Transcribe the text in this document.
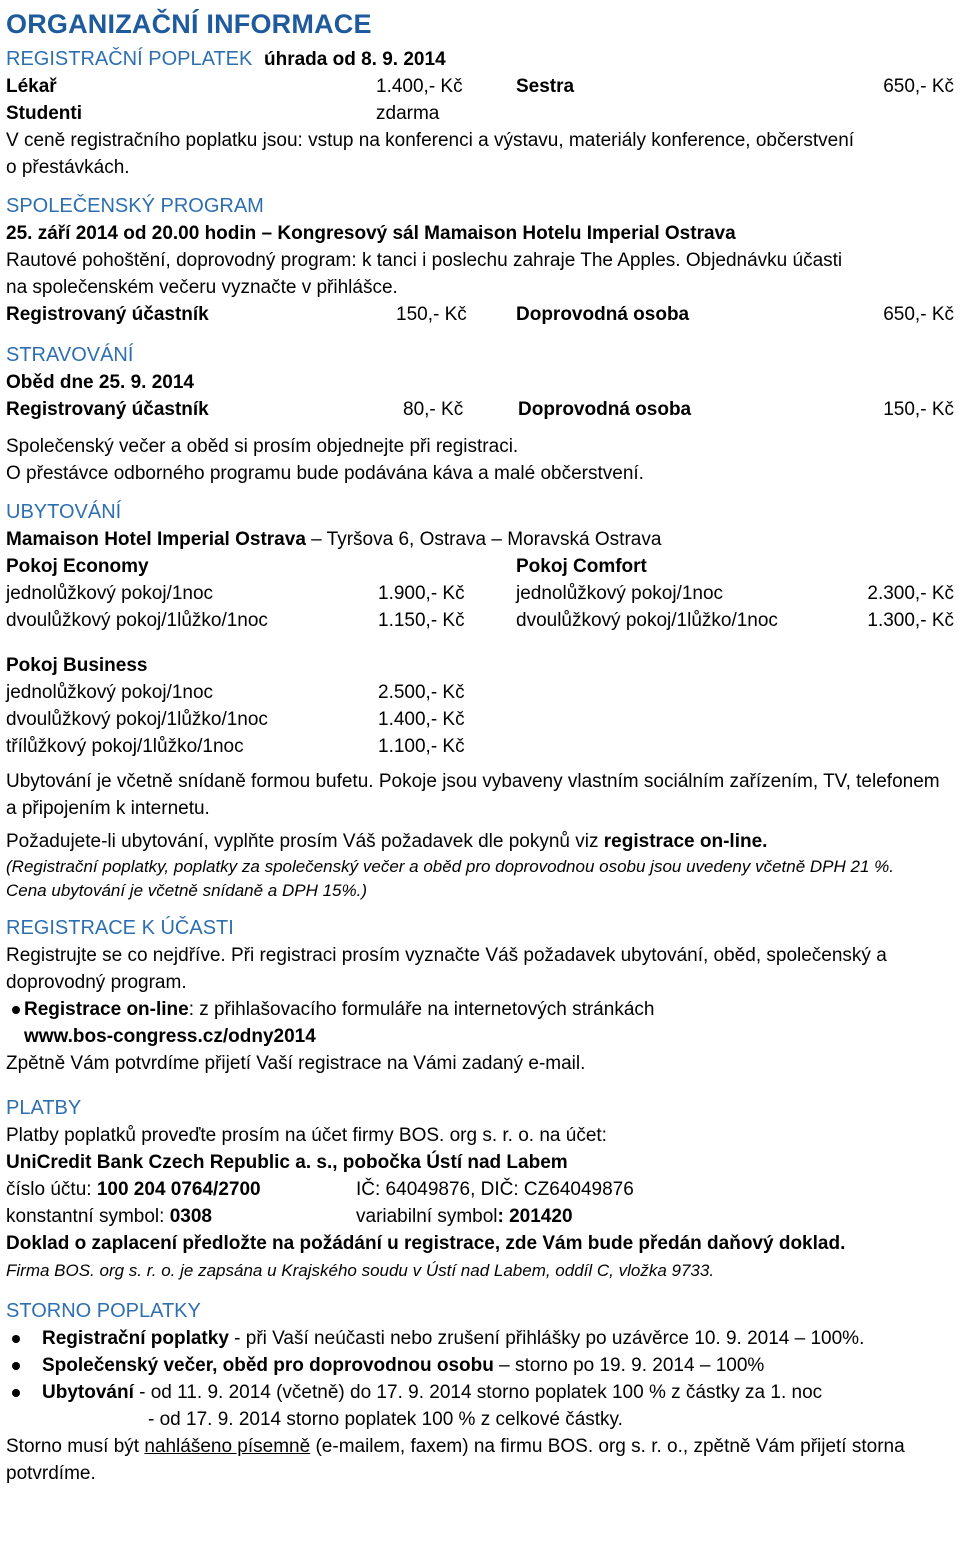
ORGANIZAČNÍ INFORMACE
REGISTRAČNÍ POPLATEK úhrada od 8. 9. 2014
Lékař	1.400,- Kč	Sestra	650,- Kč
Studenti	zdarma
V ceně registračního poplatku jsou: vstup na konferenci a výstavu, materiály konference, občerstvení
o přestávkách.
SPOLEČENSKÝ PROGRAM
25. září 2014 od 20.00 hodin – Kongresový sál Mamaison Hotelu Imperial Ostrava
Rautové pohoštění, doprovodný program: k tanci i poslechu zahraje The Apples. Objednávku účasti
na společenském večeru vyznačte v přihlášce.
Registrovaný účastník	150,- Kč	Doprovodná osoba	650,- Kč
STRAVOVÁNÍ
Oběd dne 25. 9. 2014
Registrovaný účastník	80,- Kč	Doprovodná osoba	150,- Kč
Společenský večer a oběd si prosím objednejte při registraci.
O přestávce odborného programu bude podávána káva a malé občerstvení.
UBYTOVÁNÍ
Mamaison Hotel Imperial Ostrava – Tyršova 6, Ostrava – Moravská Ostrava
Pokoj Economy	Pokoj Comfort
jednolůžkový pokoj/1noc	1.900,- Kč	jednolůžkový pokoj/1noc	2.300,- Kč
dvoulůžkový pokoj/1lůžko/1noc	1.150,- Kč	dvoulůžkový pokoj/1lůžko/1noc	1.300,- Kč
Pokoj Business
jednolůžkový pokoj/1noc	2.500,- Kč
dvoulůžkový pokoj/1lůžko/1noc	1.400,- Kč
třílůžkový pokoj/1lůžko/1noc	1.100,- Kč
Ubytování je včetně snídaně formou bufetu. Pokoje jsou vybaveny vlastním sociálním zařízením, TV, telefonem
a připojením k internetu.
Požadujete-li ubytování, vyplňte prosím Váš požadavek dle pokynů viz registrace on-line.
(Registrační poplatky, poplatky za společenský večer a oběd pro doprovodnou osobu jsou uvedeny včetně DPH 21 %.
Cena ubytování je včetně snídaně a DPH 15%.)
REGISTRACE K ÚČASTI
Registrujte se co nejdříve. Při registraci prosím vyznačte Váš požadavek ubytování, oběd, společenský a
doprovodný program.
Registrace on-line: z přihlašovacího formuláře na internetových stránkách
www.bos-congress.cz/odny2014
Zpětně Vám potvrdíme přijetí Vaší registrace na Vámi zadaný e-mail.
PLATBY
Platby poplatků proveďte prosím na účet firmy BOS. org s. r. o. na účet:
UniCredit Bank Czech Republic a. s., pobočka Ústí nad Labem
číslo účtu: 100 204 0764/2700	IČ: 64049876, DIČ: CZ64049876
konstantní symbol: 0308	variabilní symbol: 201420
Doklad o zaplacení předložte na požádání u registrace, zde Vám bude předán daňový doklad.
Firma BOS. org s. r. o. je zapsána u Krajského soudu v Ústí nad Labem, oddíl C, vložka 9733.
STORNO POPLATKY
Registrační poplatky - při Vaší neúčasti nebo zrušení přihlášky po uzávěrce 10. 9. 2014 – 100%.
Společenský večer, oběd pro doprovodnou osobu – storno po 19. 9. 2014 – 100%
Ubytování - od 11. 9. 2014 (včetně) do 17. 9. 2014 storno poplatek 100 % z částky za 1. noc
- od 17. 9. 2014 storno poplatek 100 % z celkové částky.
Storno musí být nahlášeno písemně (e-mailem, faxem) na firmu BOS. org s. r. o., zpětně Vám přijetí storna
potvrdíme.
